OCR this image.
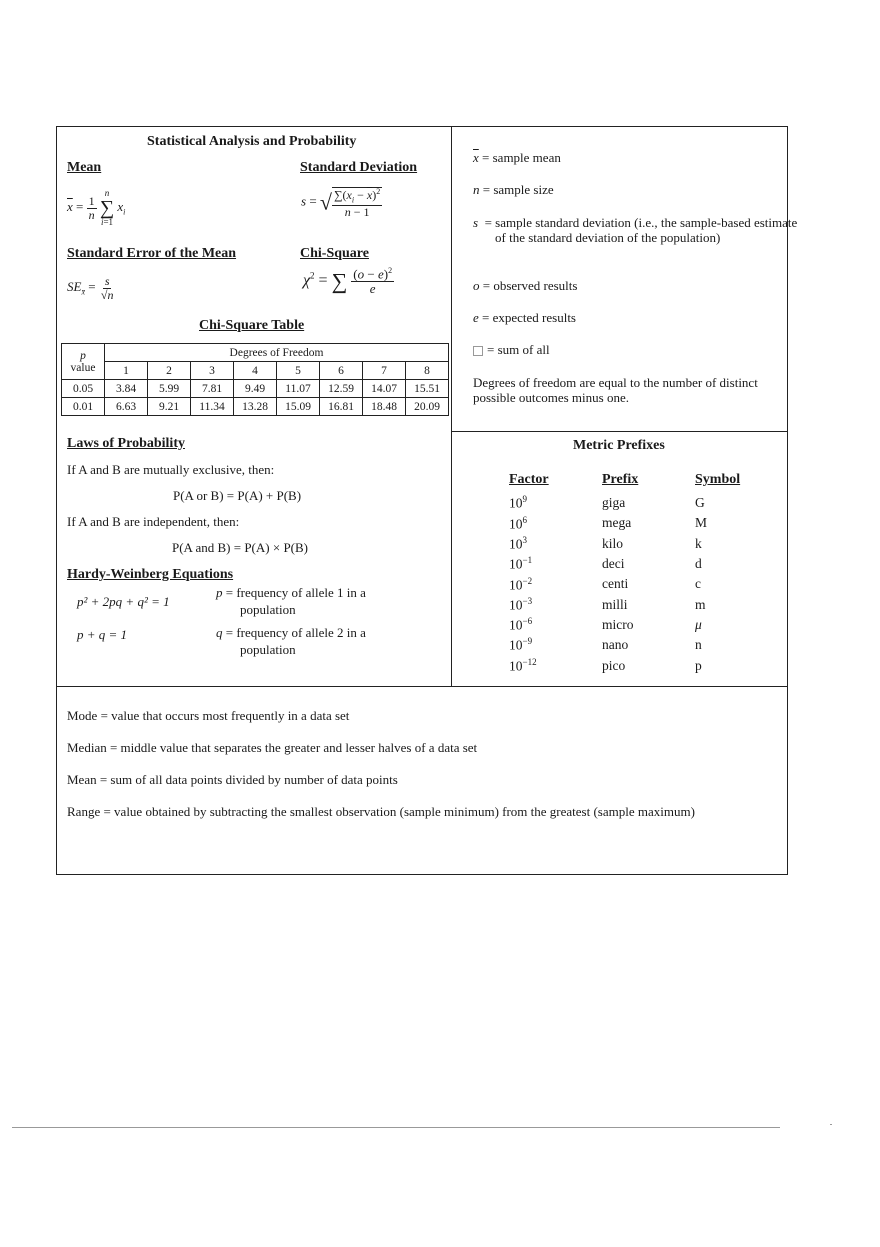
Statistical Analysis and Probability
Mean	Standard Deviation
$\overline{x} = \frac{1}{n}$

n
∑
i=1
$x_i$
s = √ $\frac{\sum(x_i - \overline{x})^2}{n - 1}$
Standard Error of the Mean	Chi-Square
$SE_{x̄} = \frac{s}{√n}$	$\chi^2$ = ∑ $\frac{(o - e)^2}{e}$
Chi-Square Table
p
value	Degrees of Freedom							
	1	2	3	4	5	6	7	8
0.05	3.84	5.99	7.81	9.49	11.07	12.59	14.07	15.51
0.01	6.63	9.21	11.34	13.28	15.09	16.81	18.48	20.09
$\overline{x}$ = sample mean
n = sample size
s = sample standard deviation (i.e., the sample-based estimate of the standard deviation of the population)
o = observed results
e = expected results
= sum of all
Degrees of freedom are equal to the number of distinct possible outcomes minus one.
Laws of Probability
If A and B are mutually exclusive, then:
P(A or B) = P(A) + P(B)
If A and B are independent, then:
P(A and B) = P(A) × P(B)
Hardy-Weinberg Equations
p² + 2pq + q² = 1
p + q = 1
p = frequency of allele 1 in a
population
q = frequency of allele 2 in a
population
Metric Prefixes
Factor	Prefix	Symbol
$10^9$	giga	G
$10^6$	mega	M
$10^3$	kilo	k
$10^{-1}$	deci	d
$10^{-2}$	centi	c
$10^{-3}$	milli	m
$10^{-6}$	micro	μ
$10^{-9}$	nano	n
$10^{-12}$	pico	p
Mode = value that occurs most frequently in a data set
Median = middle value that separates the greater and lesser halves of a data set
Mean = sum of all data points divided by number of data points
Range = value obtained by subtracting the smallest observation (sample minimum) from the greatest (sample maximum)
